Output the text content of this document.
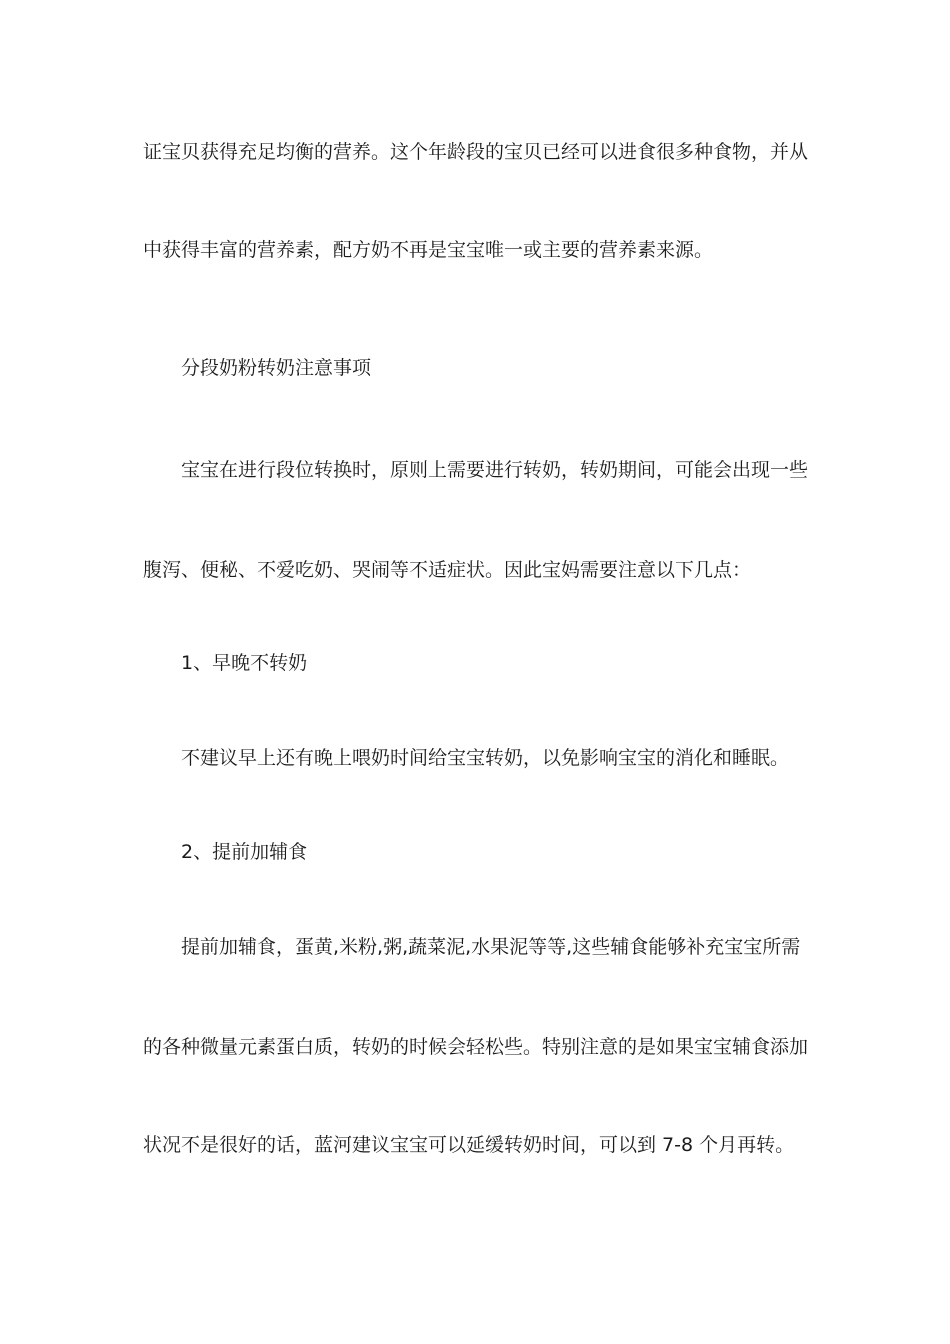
证宝贝获得充足均衡的营养。这个年龄段的宝贝已经可以进食很多种食物，并从
中获得丰富的营养素，配方奶不再是宝宝唯一或主要的营养素来源。
分段奶粉转奶注意事项
宝宝在进行段位转换时，原则上需要进行转奶，转奶期间，可能会出现一些
腹泻、便秘、不爱吃奶、哭闹等不适症状。因此宝妈需要注意以下几点：
1、早晚不转奶
不建议早上还有晚上喂奶时间给宝宝转奶，以免影响宝宝的消化和睡眠。
2、提前加辅食
提前加辅食，蛋黄,米粉,粥,蔬菜泥,水果泥等等,这些辅食能够补充宝宝所需
的各种微量元素蛋白质，转奶的时候会轻松些。特别注意的是如果宝宝辅食添加
状况不是很好的话，蓝河建议宝宝可以延缓转奶时间，可以到 7-8 个月再转。
